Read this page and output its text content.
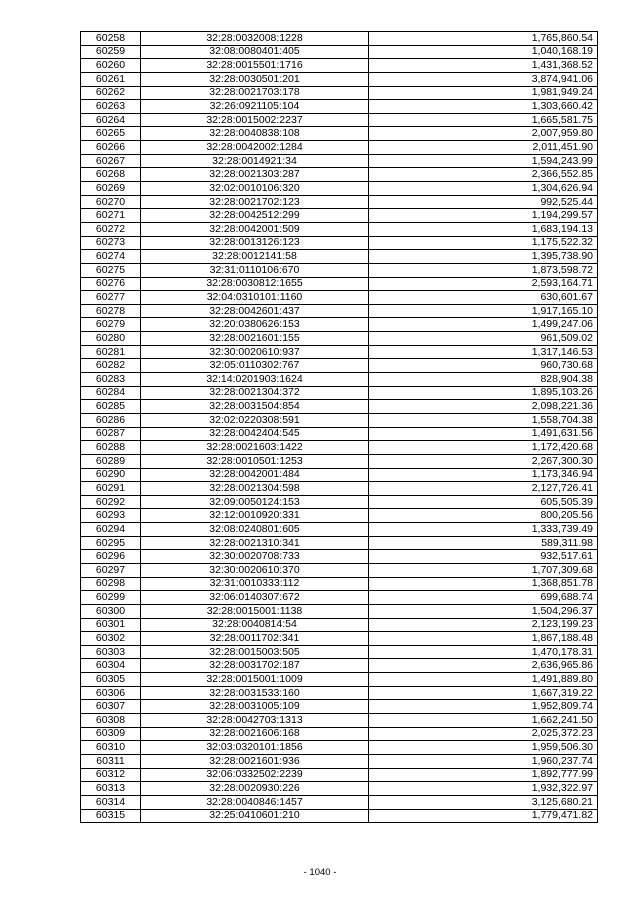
60258	32:28:0032008:1228	1,765,860.54
60259	32:08:0080401:405	1,040,168.19
60260	32:28:0015501:1716	1,431,368.52
60261	32:28:0030501:201	3,874,941.06
60262	32:28:0021703:178	1,981,949.24
60263	32:26:0921105:104	1,303,660.42
60264	32:28:0015002:2237	1,665,581.75
60265	32:28:0040838:108	2,007,959.80
60266	32:28:0042002:1284	2,011,451.90
60267	32:28:0014921:34	1,594,243.99
60268	32:28:0021303:287	2,366,552.85
60269	32:02:0010106:320	1,304,626.94
60270	32:28:0021702:123	992,525.44
60271	32:28:0042512:299	1,194,299.57
60272	32:28:0042001:509	1,683,194.13
60273	32:28:0013126:123	1,175,522.32
60274	32:28:0012141:58	1,395,738.90
60275	32:31:0110106:670	1,873,598.72
60276	32:28:0030812:1655	2,593,164.71
60277	32:04:0310101:1160	630,601.67
60278	32:28:0042601:437	1,917,165.10
60279	32:20:0380626:153	1,499,247.06
60280	32:28:0021601:155	961,509.02
60281	32:30:0020610:937	1,317,146.53
60282	32:05:0110302:767	960,730.68
60283	32:14:0201903:1624	828,904.38
60284	32:28:0021304:372	1,895,103.26
60285	32:28:0031504:854	2,098,221.36
60286	32:02:0220308:591	1,558,704.38
60287	32:28:0042404:545	1,491,631.56
60288	32:28:0021603:1422	1,172,420.68
60289	32:28:0010501:1253	2,267,300.30
60290	32:28:0042001:484	1,173,346.94
60291	32:28:0021304:598	2,127,726.41
60292	32:09:0050124:153	605,505.39
60293	32:12:0010920:331	800,205.56
60294	32:08:0240801:605	1,333,739.49
60295	32:28:0021310:341	589,311.98
60296	32:30:0020708:733	932,517.61
60297	32:30:0020610:370	1,707,309.68
60298	32:31:0010333:112	1,368,851.78
60299	32:06:0140307:672	699,688.74
60300	32:28:0015001:1138	1,504,296.37
60301	32:28:0040814:54	2,123,199.23
60302	32:28:0011702:341	1,867,188.48
60303	32:28:0015003:505	1,470,178.31
60304	32:28:0031702:187	2,636,965.86
60305	32:28:0015001:1009	1,491,889.80
60306	32:28:0031533:160	1,667,319.22
60307	32:28:0031005:109	1,952,809.74
60308	32:28:0042703:1313	1,662,241.50
60309	32:28:0021606:168	2,025,372.23
60310	32:03:0320101:1856	1,959,506.30
60311	32:28:0021601:936	1,960,237.74
60312	32:06:0332502:2239	1,892,777.99
60313	32:28:0020930:226	1,932,322.97
60314	32:28:0040846:1457	3,125,680.21
60315	32:25:0410601:210	1,779,471.82
- 1040 -
